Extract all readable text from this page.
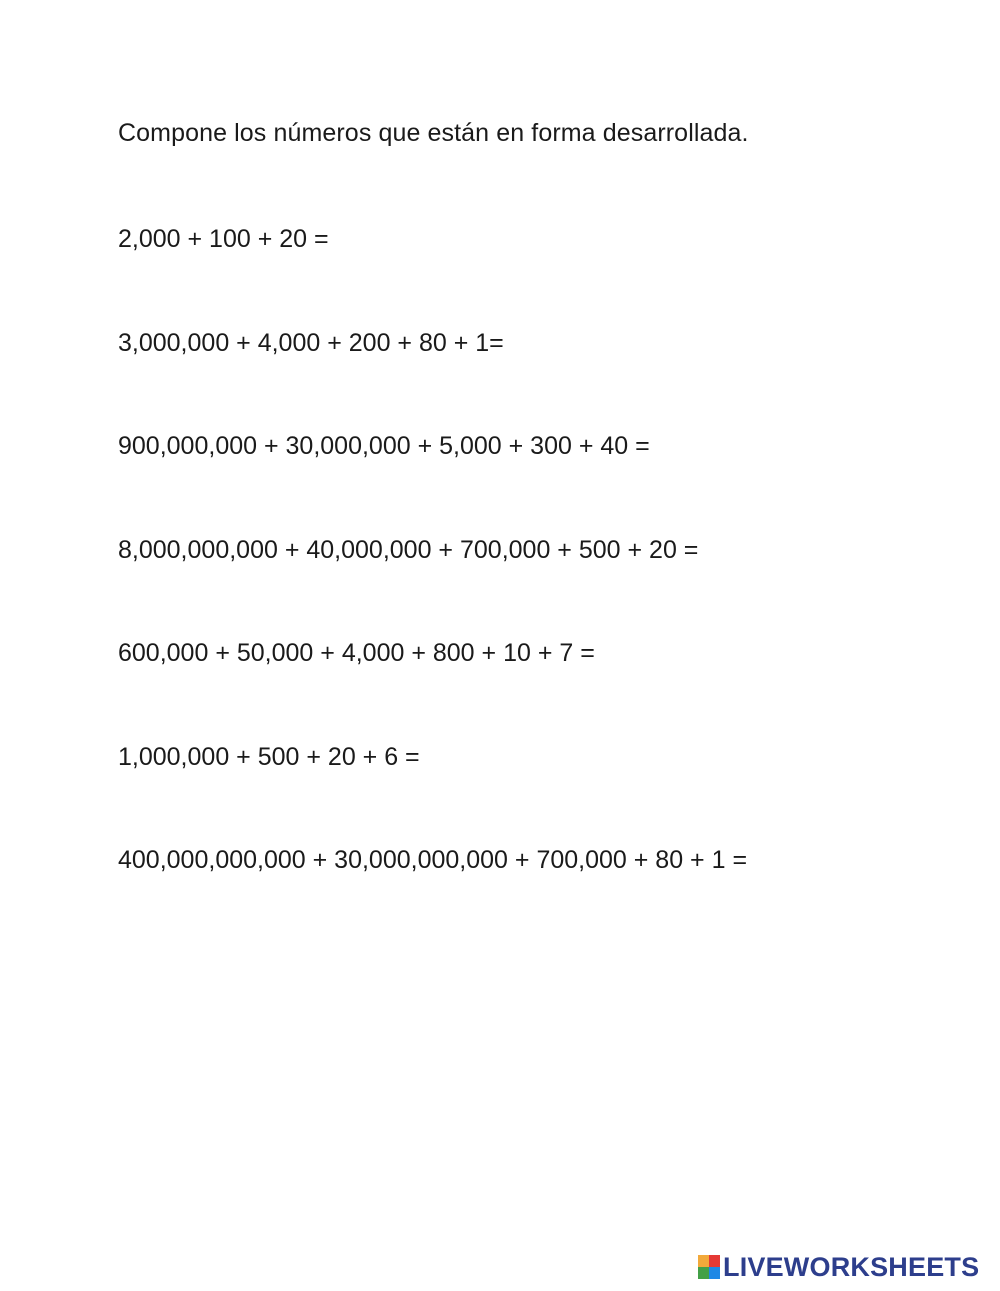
Compone los números que están en forma desarrollada.
2,000 + 100 + 20 =
3,000,000 + 4,000 + 200 + 80 + 1=
900,000,000 + 30,000,000 + 5,000 + 300 + 40 =
8,000,000,000 + 40,000,000 + 700,000 + 500 + 20 =
600,000 + 50,000 + 4,000 + 800 + 10 + 7 =
1,000,000 + 500 + 20 + 6 =
400,000,000,000 + 30,000,000,000 + 700,000 + 80 + 1 =
LIVEWORKSHEETS
